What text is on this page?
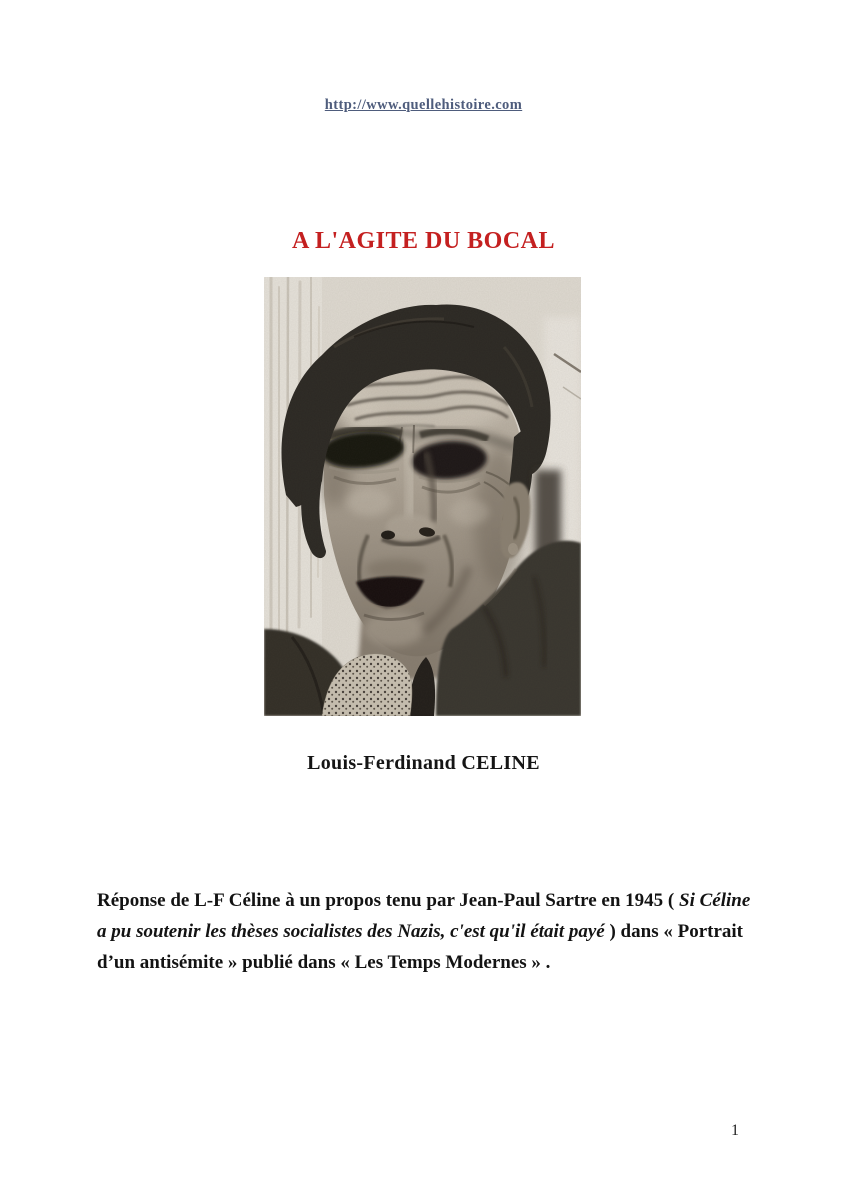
http://www.quellehistoire.com
A L'AGITE DU BOCAL
Louis-Ferdinand CELINE

Réponse de L-F Céline à un propos tenu par Jean-Paul Sartre en 1945 ( Si Céline a pu soutenir les thèses socialistes des Nazis, c'est qu'il était payé ) dans « Portrait d’un antisémite » publié dans « Les Temps Modernes » .

1
